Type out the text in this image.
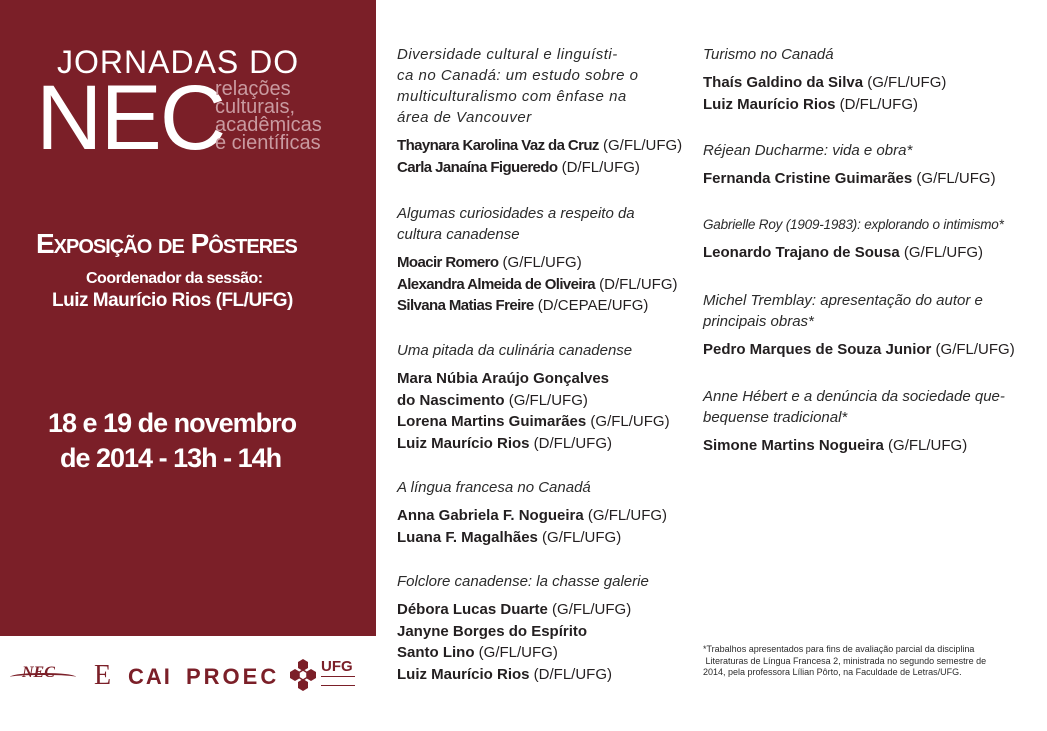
JORNADAS DO
NEC
relações
culturais,
acadêmicas
e científicas
Exposição de Pôsteres
Coordenador da sessão:
Luiz Maurício Rios (FL/UFG)
18 e 19 de novembro
de 2014 - 13h - 14h
Diversidade cultural e linguísti-
ca no Canadá: um estudo sobre o
multiculturalismo com ênfase na
área de Vancouver
Thaynara Karolina Vaz da Cruz (G/FL/UFG)
Carla Janaína Figueredo (D/FL/UFG)
Algumas curiosidades a respeito da
cultura canadense
Moacir Romero (G/FL/UFG)
Alexandra Almeida de Oliveira (D/FL/UFG)
Silvana Matias Freire (D/CEPAE/UFG)
Uma pitada da culinária canadense
Mara Núbia Araújo Gonçalves
do Nascimento (G/FL/UFG)
Lorena Martins Guimarães (G/FL/UFG)
Luiz Maurício Rios (D/FL/UFG)
A língua francesa no Canadá
Anna Gabriela F. Nogueira (G/FL/UFG)
Luana F. Magalhães (G/FL/UFG)
Folclore canadense: la chasse galerie
Débora Lucas Duarte (G/FL/UFG)
Janyne Borges do Espírito
Santo Lino (G/FL/UFG)
Luiz Maurício Rios (D/FL/UFG)
Turismo no Canadá
Thaís Galdino da Silva (G/FL/UFG)
Luiz Maurício Rios (D/FL/UFG)
Réjean Ducharme: vida e obra*
Fernanda Cristine Guimarães (G/FL/UFG)
Gabrielle Roy (1909-1983): explorando o intimismo*
Leonardo Trajano de Sousa (G/FL/UFG)
Michel Tremblay: apresentação do autor e
principais obras*
Pedro Marques de Souza Junior (G/FL/UFG)
Anne Hébert e a denúncia da sociedade que-
bequense tradicional*
Simone Martins Nogueira (G/FL/UFG)
*Trabalhos apresentados para fins de avaliação parcial da disciplina
Literaturas de Língua Francesa 2, ministrada no segundo semestre de
2014, pela professora Lílian Pôrto, na Faculdade de Letras/UFG.
NEC E CAI PROEC	UFG
